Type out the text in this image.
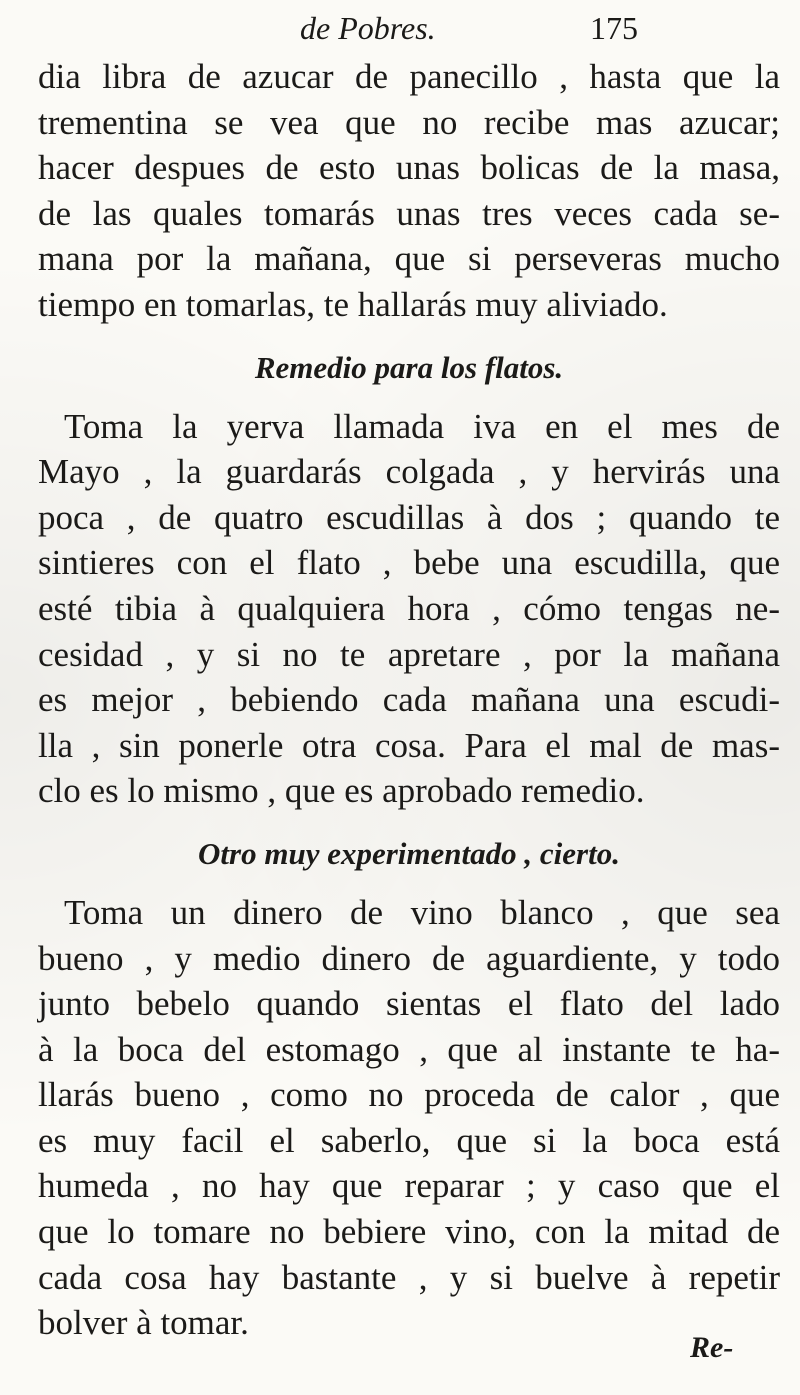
de Pobres.	175
dia libra de azucar de panecillo , hasta que la
trementina se vea que no recibe mas azucar;
hacer despues de esto unas bolicas de la masa,
de las quales tomarás unas tres veces cada se-
mana por la mañana, que si perseveras mucho
tiempo en tomarlas, te hallarás muy aliviado.
Remedio para los flatos.
Toma la yerva llamada iva en el mes de
Mayo , la guardarás colgada , y hervirás una
poca , de quatro escudillas à dos ; quando te
sintieres con el flato , bebe una escudilla, que
esté tibia à qualquiera hora , cómo tengas ne-
cesidad , y si no te apretare , por la mañana
es mejor , bebiendo cada mañana una escudi-
lla , sin ponerle otra cosa. Para el mal de mas-
clo es lo mismo , que es aprobado remedio.
Otro muy experimentado , cierto.
Toma un dinero de vino blanco , que sea
bueno , y medio dinero de aguardiente, y todo
junto bebelo quando sientas el flato del lado
à la boca del estomago , que al instante te ha-
llarás bueno , como no proceda de calor , que
es muy facil el saberlo, que si la boca está
humeda , no hay que reparar ; y caso que el
que lo tomare no bebiere vino, con la mitad de
cada cosa hay bastante , y si buelve à repetir
bolver à tomar.
Re-
